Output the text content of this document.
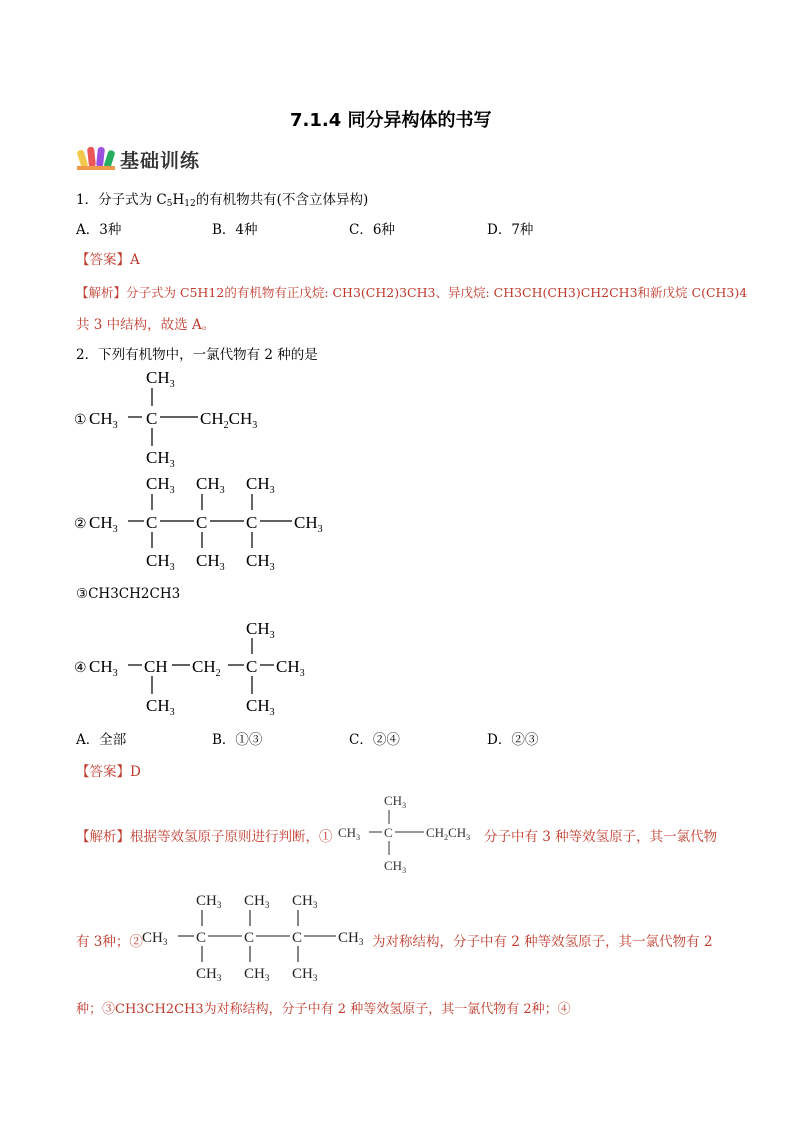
7.1.4 同分异构体的书写
基础训练
1．分子式为 $C_5H_{12}$的有机物共有(不含立体异构)
A．3种	B．4种	C．6种	D．7种
【答案】A
【解析】分子式为 C5H12的有机物有正戊烷: CH3(CH2)3CH3、异戊烷: CH3CH(CH3)CH2CH3和新戊烷 C(CH3)4
共 3 中结构，故选 A。
2．下列有机物中，一氯代物有 2 种的是
① $CH_3$ C	$CH_2CH_3$
$CH_3$
$CH_3$
② $CH_3$ C C C $CH_3$
$CH_3$ $CH_3$ $CH_3$
$CH_3$ $CH_3$ $CH_3$
③CH3CH2CH3
④ $CH_3$ CH $CH_2$ C $CH_3$
$CH_3$
$CH_3$	$CH_3$
A．全部	B．①③	C．②④	D．②③
【答案】D
【解析】根据等效氢原子原则进行判断，① $CH_3$ C	$CH_2CH_3$
$CH_3$
$CH_3$
分子中有 3 种等效氢原子，其一氯代物
有 3种；② $CH_3$ C	C	C $CH_3$
$CH_3$ $CH_3$ $CH_3$
$CH_3$ $CH_3$ $CH_3$
为对称结构，分子中有 2 种等效氢原子，其一氯代物有 2
种；③CH3CH2CH3为对称结构，分子中有 2 种等效氢原子，其一氯代物有 2种；④
